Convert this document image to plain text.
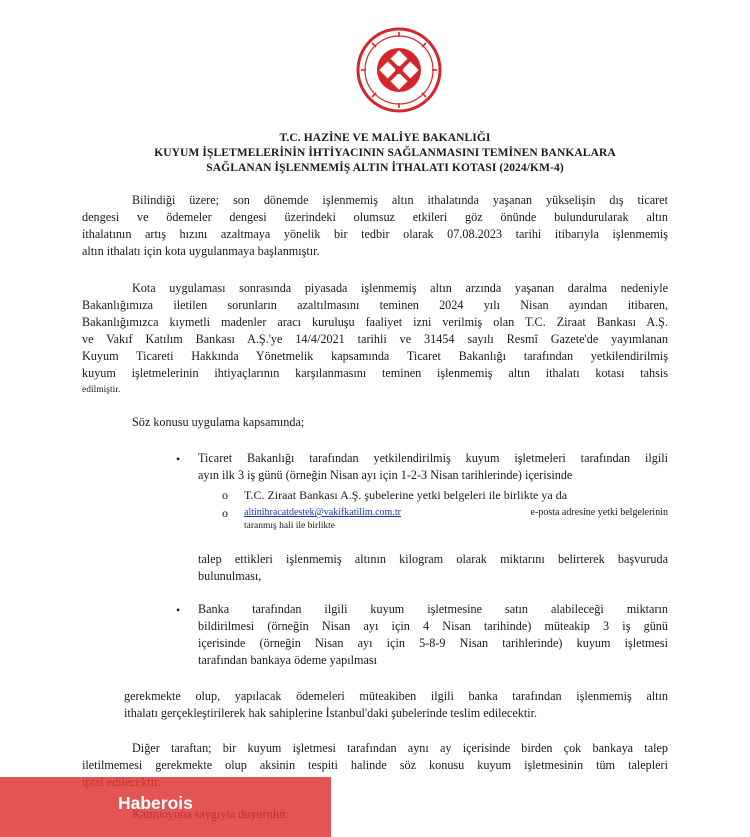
T.C. HAZİNE VE MALİYE BAKANLIĞI
KUYUM İŞLETMELERİNİN İHTİYACININ SAĞLANMASINI TEMİNEN BANKALARA
SAĞLANAN İŞLENMEMİŞ ALTIN İTHALATI KOTASI (2024/KM-4)
Bilindiği üzere; son dönemde işlenmemiş altın ithalatında yaşanan yükselişin dış ticaret
dengesi ve ödemeler dengesi üzerindeki olumsuz etkileri göz önünde bulundurularak altın
ithalatının artış hızını azaltmaya yönelik bir tedbir olarak 07.08.2023 tarihi itibarıyla işlenmemiş
altın ithalatı için kota uygulanmaya başlanmıştır.
Kota uygulaması sonrasında piyasada işlenmemiş altın arzında yaşanan daralma nedeniyle
Bakanlığımıza iletilen sorunların azaltılmasını teminen 2024 yılı Nisan ayından itibaren,
Bakanlığımızca kıymetli madenler aracı kuruluşu faaliyet izni verilmiş olan T.C. Ziraat Bankası A.Ş.
ve Vakıf Katılım Bankası A.Ş.'ye 14/4/2021 tarihli ve 31454 sayılı Resmî Gazete'de yayımlanan
Kuyum Ticareti Hakkında Yönetmelik kapsamında Ticaret Bakanlığı tarafından yetkilendirilmiş
kuyum işletmelerinin ihtiyaçlarının karşılanmasını teminen işlenmemiş altın ithalatı kotası tahsis
edilmiştir.
Söz konusu uygulama kapsamında;
• Ticaret Bakanlığı tarafından yetkilendirilmiş kuyum işletmeleri tarafından ilgili
ayın ilk 3 iş günü (örneğin Nisan ayı için 1-2-3 Nisan tarihlerinde) içerisinde
o T.C. Ziraat Bankası A.Ş. şubelerine yetki belgeleri ile birlikte ya da
o altinihracatdestek@vakifkatilim.com.tr	e-posta adresine yetki belgelerinin
taranmış hali ile birlikte
talep ettikleri işlenmemiş altının kilogram olarak miktarını belirterek başvuruda
bulunulması,
• Banka tarafından ilgili kuyum işletmesine satın alabileceği miktarın
bildirilmesi (örneğin Nisan ayı için 4 Nisan tarihinde) müteakip 3 iş günü
içerisinde (örneğin Nisan ayı için 5-8-9 Nisan tarihlerinde) kuyum işletmesi
tarafından bankaya ödeme yapılması
gerekmekte olup, yapılacak ödemeleri müteakiben ilgili banka tarafından işlenmemiş altın
ithalatı gerçekleştirilerek hak sahiplerine İstanbul'daki şubelerinde teslim edilecektir.
Diğer taraftan; bir kuyum işletmesi tarafından aynı ay içerisinde birden çok bankaya talep
iletilmemesi gerekmekte olup aksinin tespiti halinde söz konusu kuyum işletmesinin tüm talepleri
Haberois
